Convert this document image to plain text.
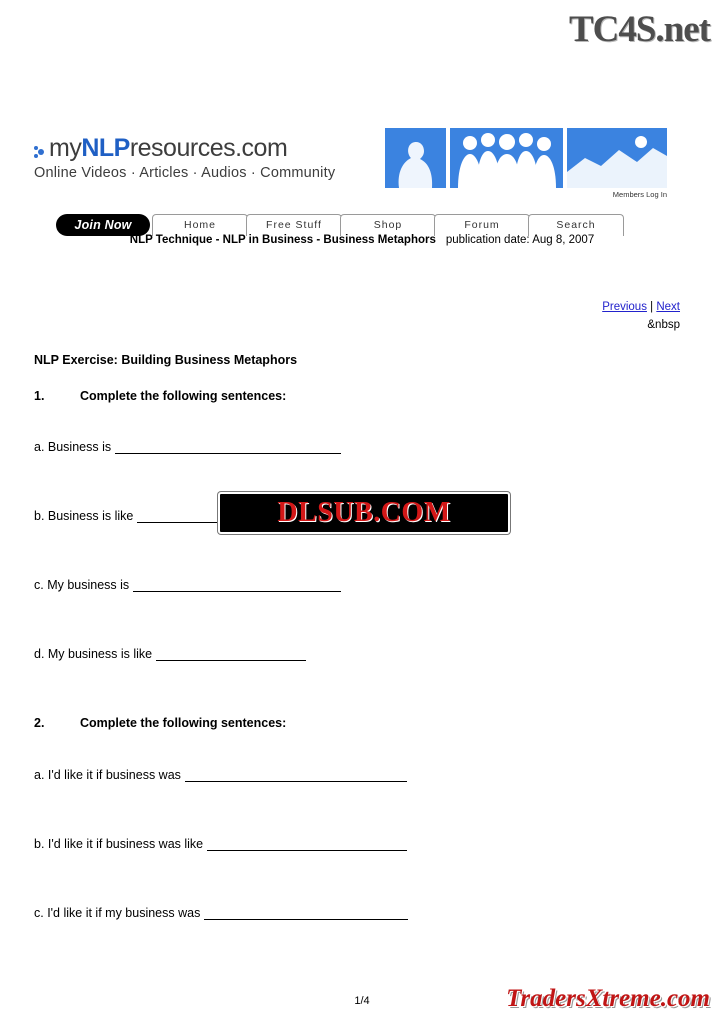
TC4S.net
myNLPresources.com
Online Videos · Articles · Audios · Community
Members Log In
Join Now	Home	Free Stuff	Shop	Forum	Search
NLP Technique - NLP in Business - Business Metaphors publication date: Aug 8, 2007
Previous | Next
&nbsp
NLP Exercise: Building Business Metaphors
1.	Complete the following sentences:
a. Business is
b. Business is like
c. My business is
d. My business is like
2.	Complete the following sentences:
a. I'd like it if business was
b. I'd like it if business was like
c. I'd like it if my business was
DLSUB.COM
1/4	TradersXtreme.com
